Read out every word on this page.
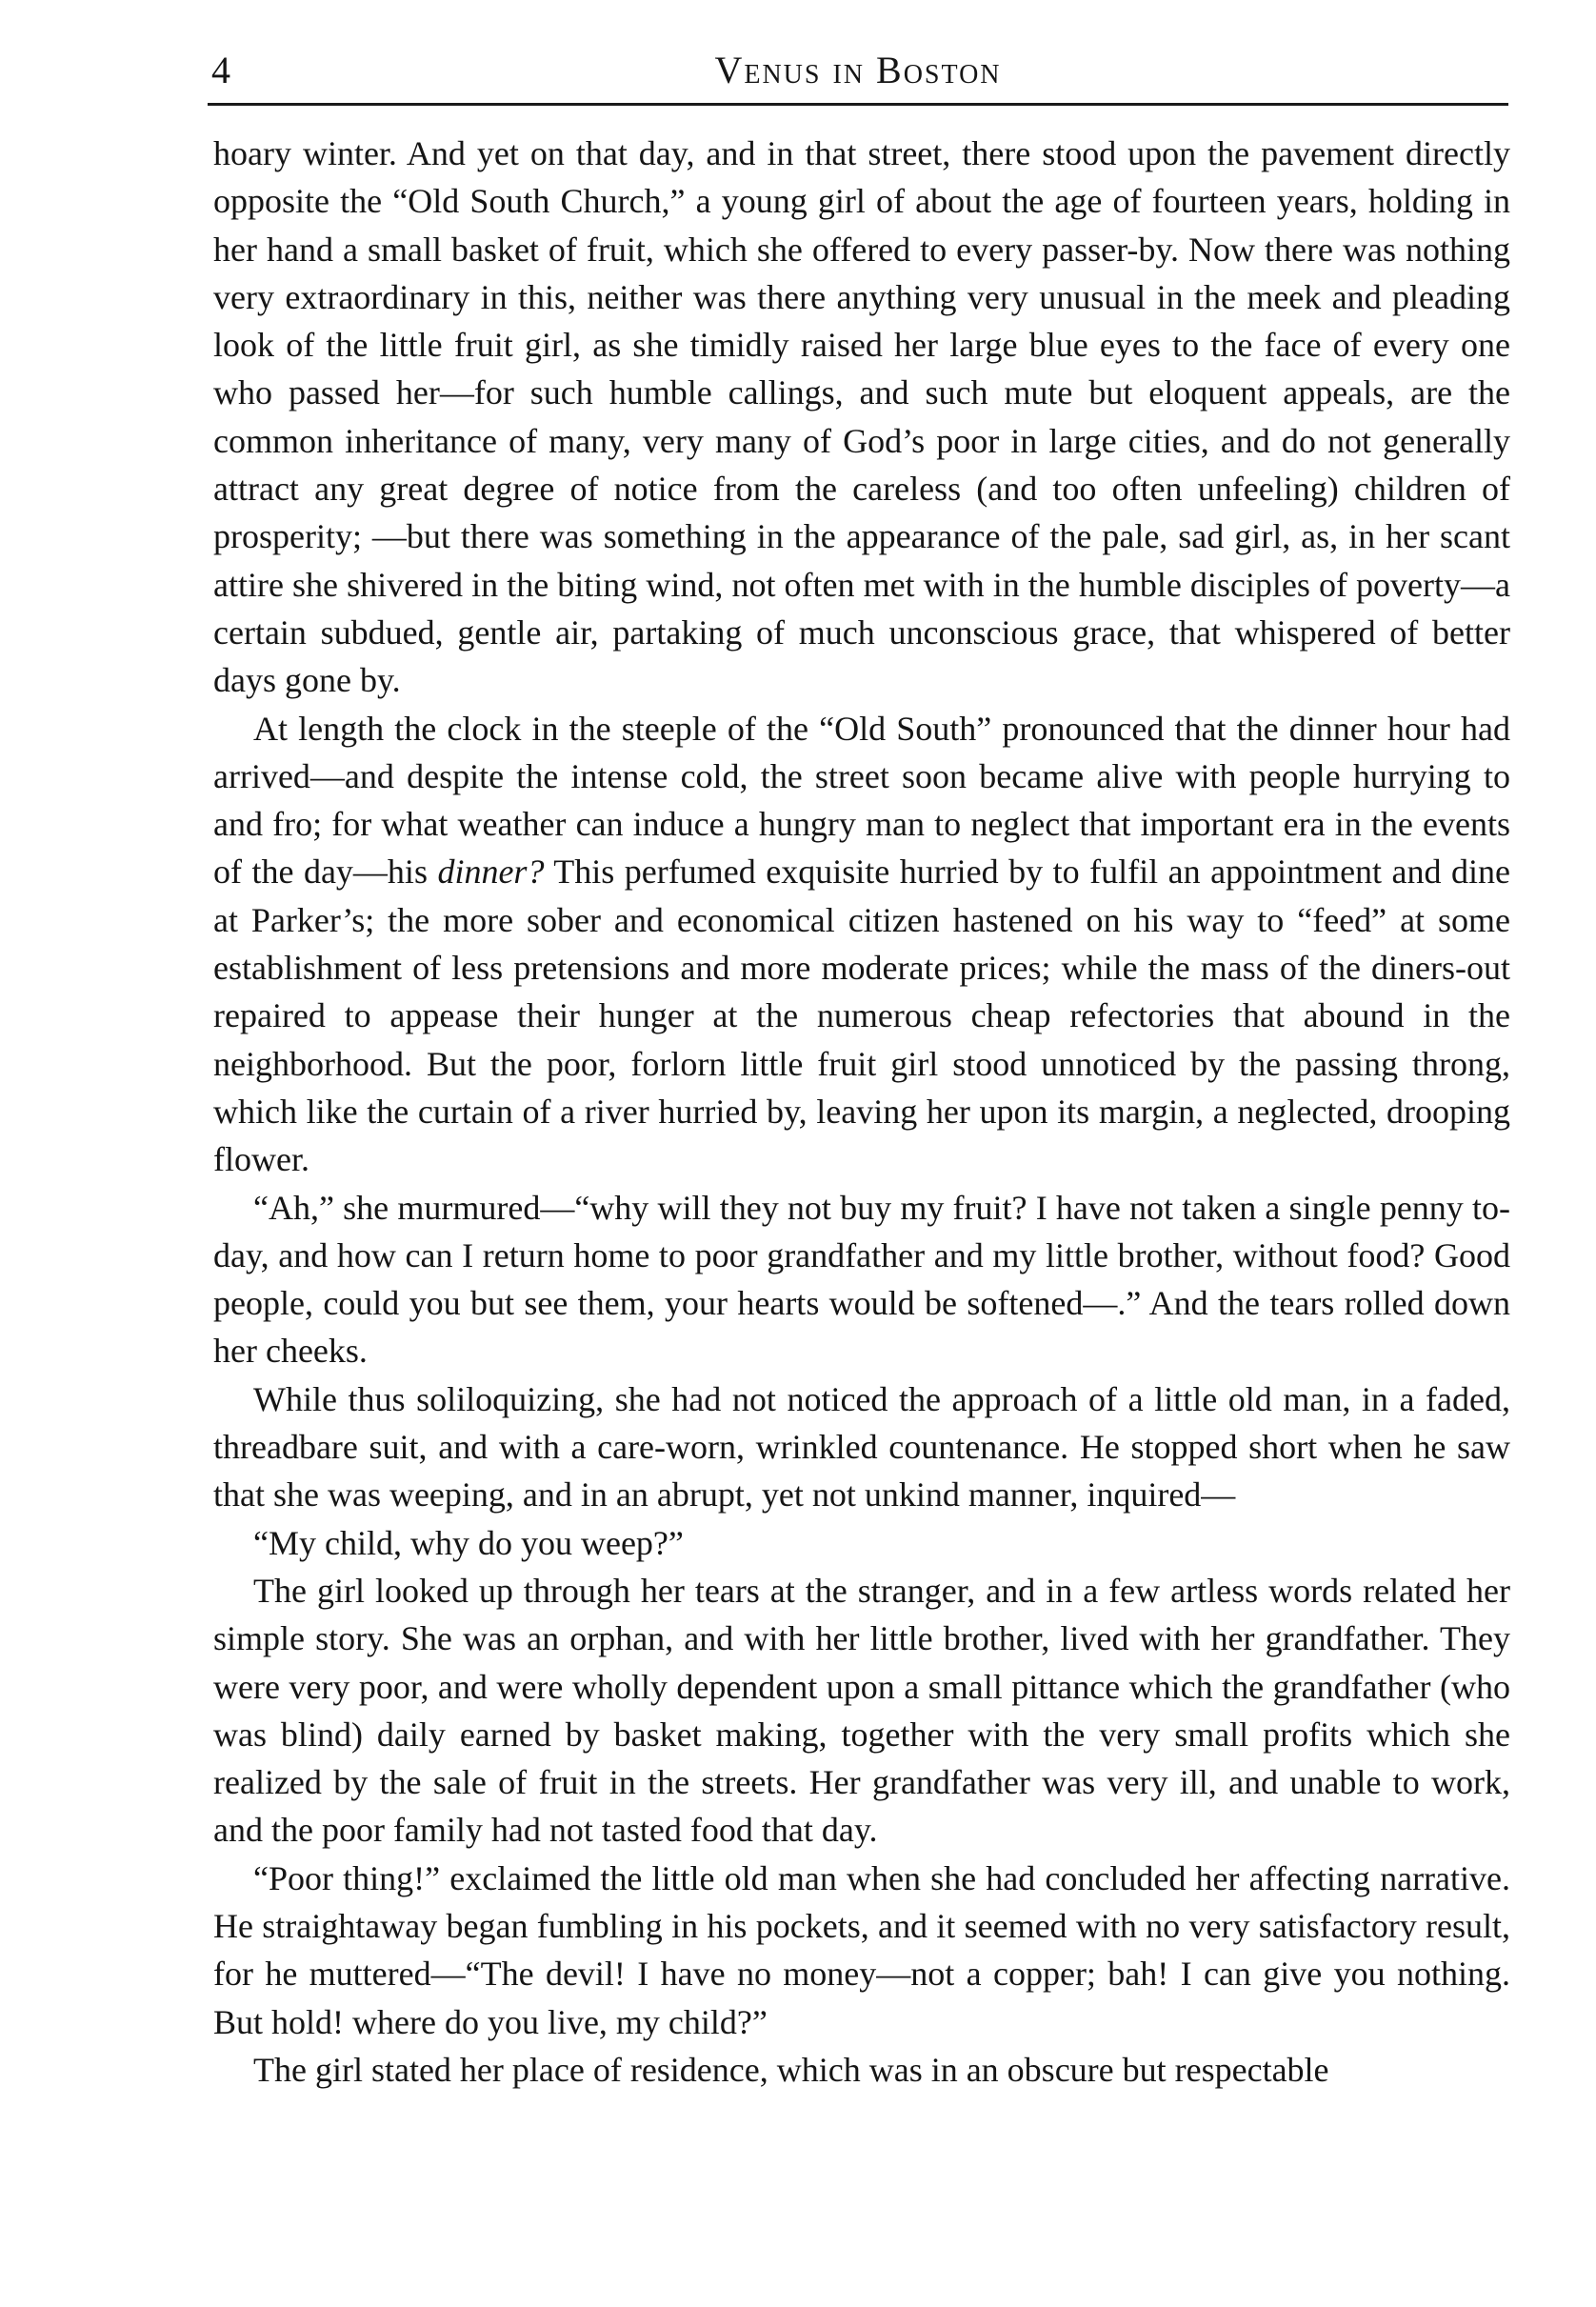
4	Venus in Boston

hoary winter. And yet on that day, and in that street, there stood upon the pavement directly opposite the “Old South Church,” a young girl of about the age of fourteen years, holding in her hand a small basket of fruit, which she offered to every passer-by. Now there was nothing very extraordinary in this, neither was there anything very unusual in the meek and pleading look of the little fruit girl, as she timidly raised her large blue eyes to the face of every one who passed her—for such humble callings, and such mute but eloquent appeals, are the common inheritance of many, very many of God’s poor in large cities, and do not generally attract any great degree of notice from the careless (and too often unfeeling) children of prosperity; —but there was something in the appearance of the pale, sad girl, as, in her scant attire she shivered in the biting wind, not often met with in the humble disciples of poverty—a certain subdued, gentle air, partaking of much unconscious grace, that whispered of better days gone by.

At length the clock in the steeple of the “Old South” pronounced that the dinner hour had arrived—and despite the intense cold, the street soon became alive with people hurrying to and fro; for what weather can induce a hungry man to neglect that important era in the events of the day—his dinner? This perfumed exquisite hurried by to fulfil an appointment and dine at Parker’s; the more sober and economical citizen hastened on his way to “feed” at some establishment of less pretensions and more moderate prices; while the mass of the diners-out repaired to appease their hunger at the numerous cheap refectories that abound in the neighborhood. But the poor, forlorn little fruit girl stood unnoticed by the passing throng, which like the curtain of a river hurried by, leaving her upon its margin, a neglected, drooping flower.

“Ah,” she murmured—“why will they not buy my fruit? I have not taken a single penny to-day, and how can I return home to poor grandfather and my little brother, without food? Good people, could you but see them, your hearts would be softened—.” And the tears rolled down her cheeks.

While thus soliloquizing, she had not noticed the approach of a little old man, in a faded, threadbare suit, and with a care-worn, wrinkled countenance. He stopped short when he saw that she was weeping, and in an abrupt, yet not unkind manner, inquired—

“My child, why do you weep?”

The girl looked up through her tears at the stranger, and in a few artless words related her simple story. She was an orphan, and with her little brother, lived with her grandfather. They were very poor, and were wholly dependent upon a small pittance which the grandfather (who was blind) daily earned by basket making, together with the very small profits which she realized by the sale of fruit in the streets. Her grandfather was very ill, and unable to work, and the poor family had not tasted food that day.

“Poor thing!” exclaimed the little old man when she had concluded her affecting narrative. He straightaway began fumbling in his pockets, and it seemed with no very satisfactory result, for he muttered—“The devil! I have no money—not a copper; bah! I can give you nothing. But hold! where do you live, my child?”

The girl stated her place of residence, which was in an obscure but respectable
